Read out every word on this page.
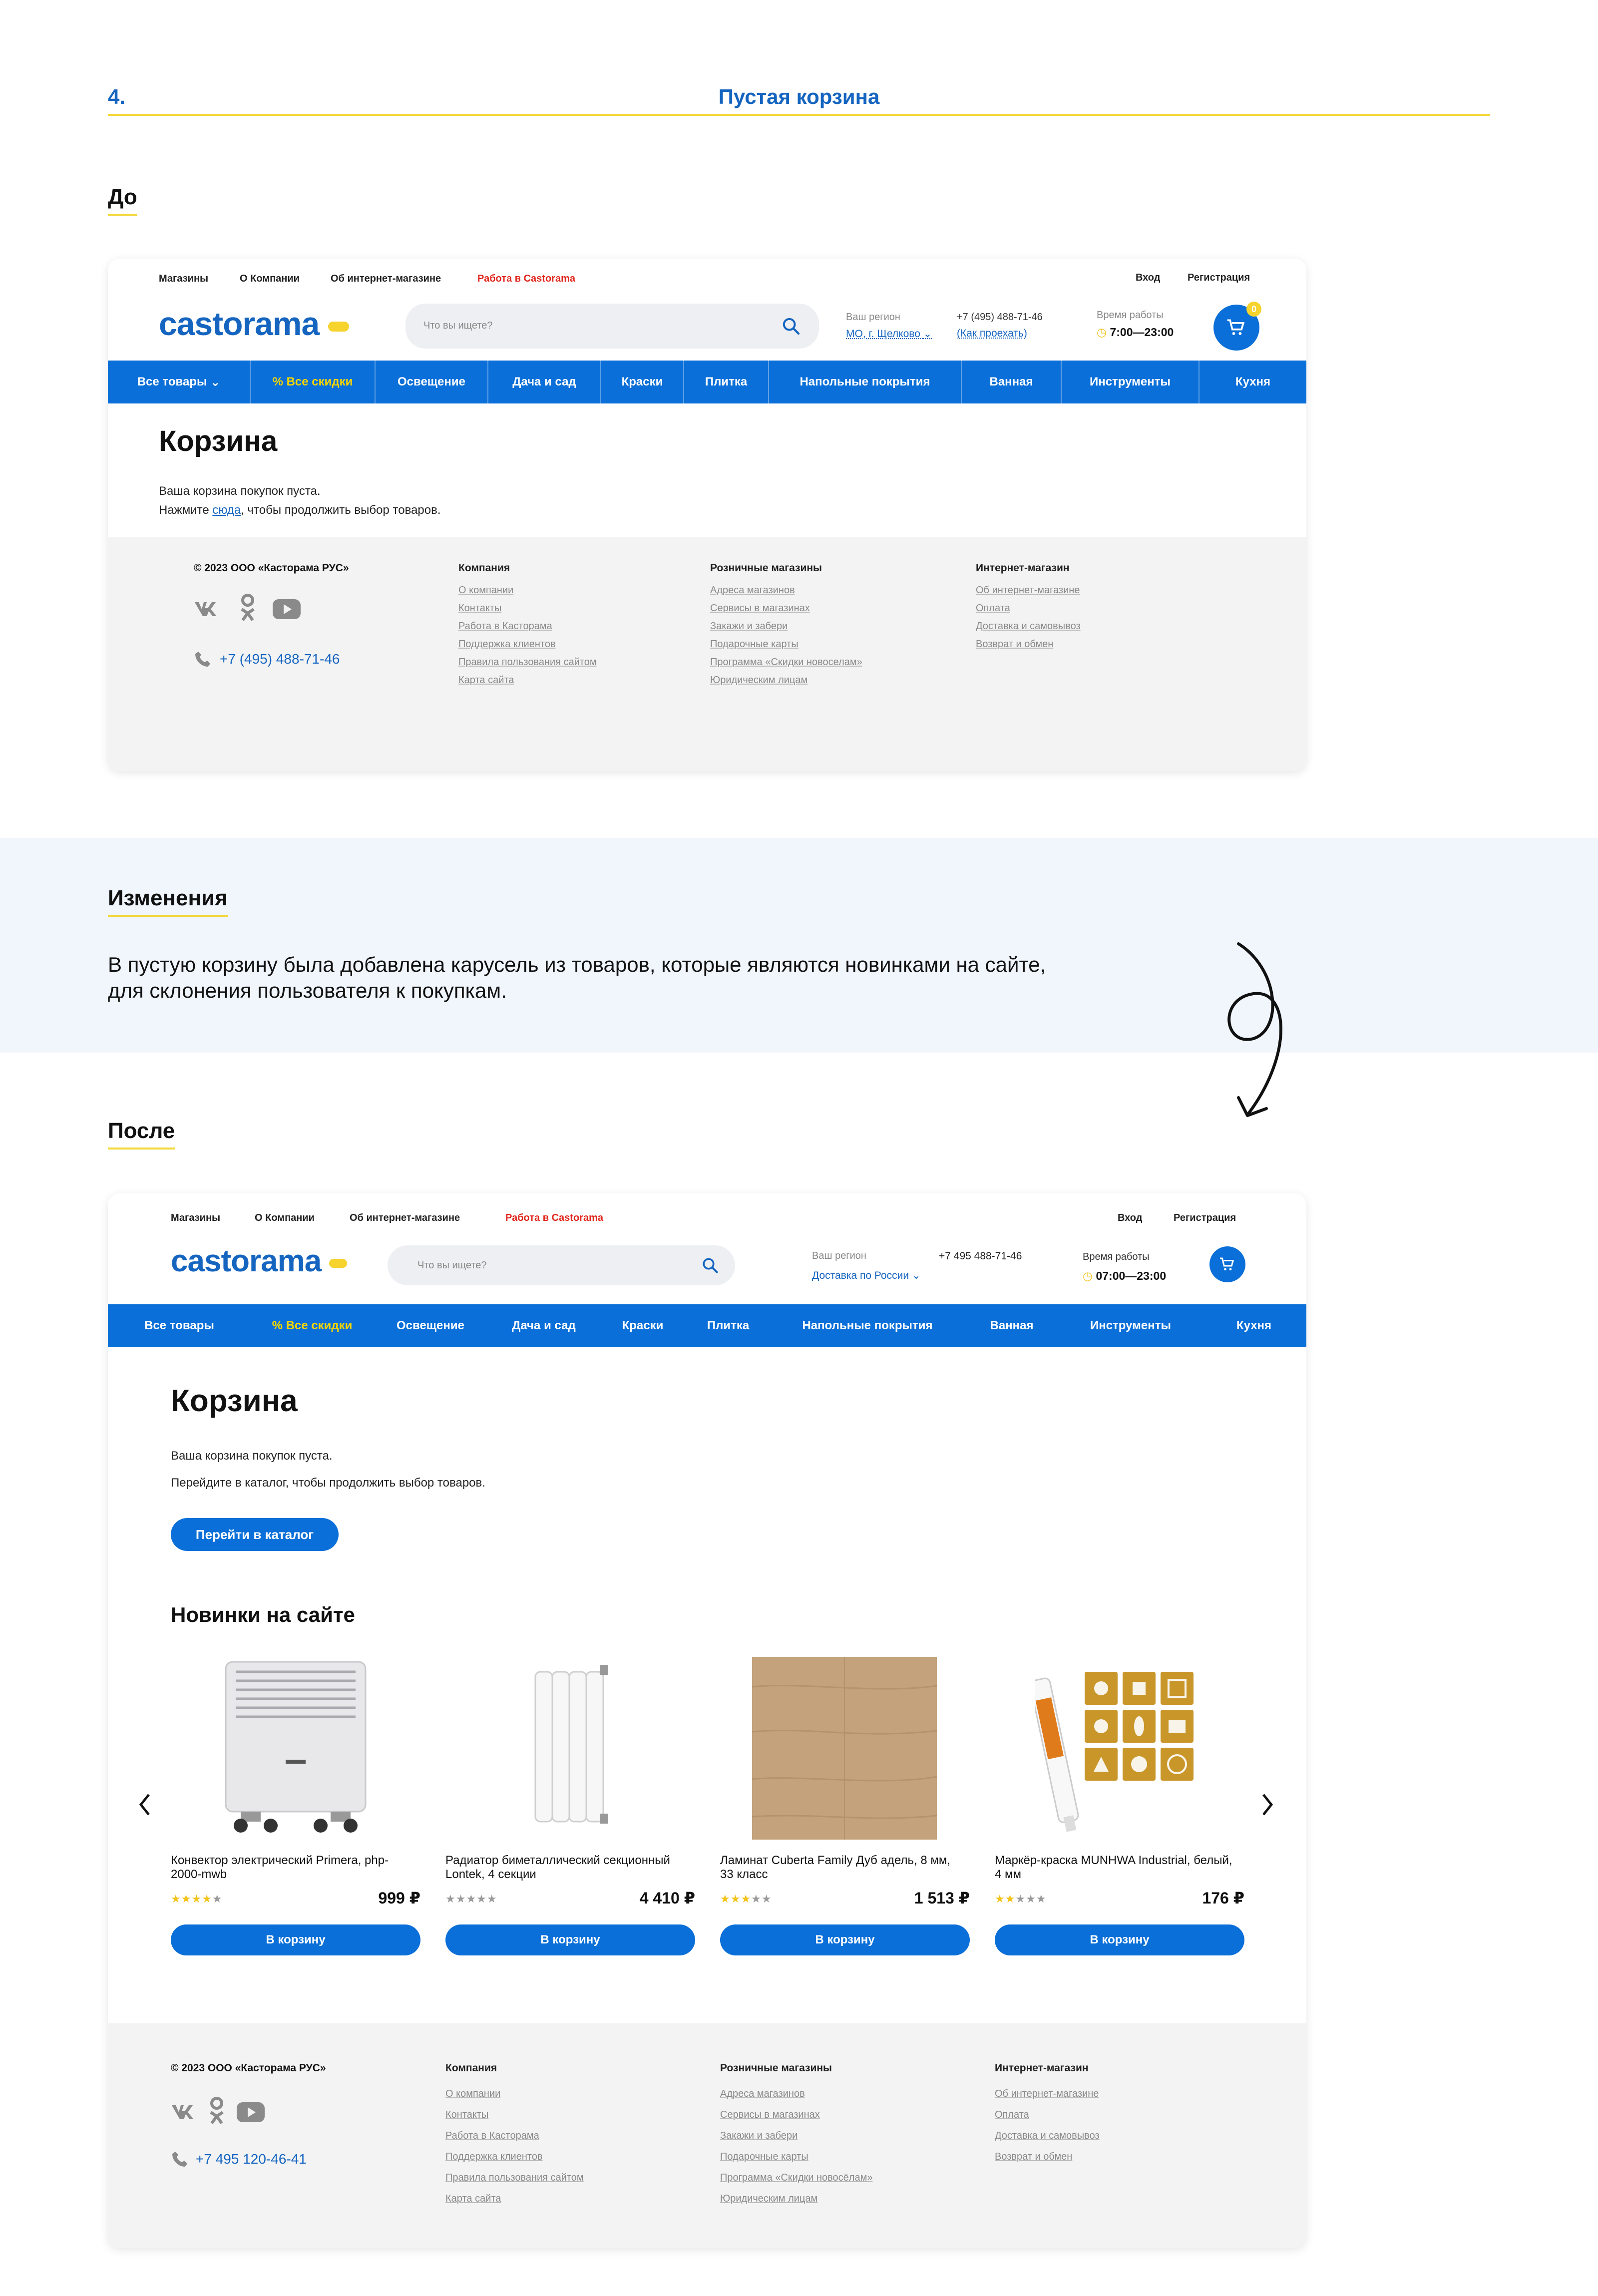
4.	Пустая корзина
До
Магазины	О Компании	Об интернет-магазине	Работа в Castorama	Вход	Регистрация
castorama	Что вы ищете?
Ваш регион
МО, г. Щелково ⌄
+7 (495) 488-71-46
(Как проехать)
Время работы
◷ 7:00—23:00
0
Все товары ⌄	% Все скидки	Освещение	Дача и сад	Краски	Плитка	Напольные покрытия	Ванная	Инструменты	Кухня
Корзина
Ваша корзина покупок пуста.
Нажмите сюда, чтобы продолжить выбор товаров.
© 2023 ООО «Касторама РУС»
+7 (495) 488-71-46
Компания
О компании
Контакты
Работа в Касторама
Поддержка клиентов
Правила пользования сайтом
Карта сайта
Розничные магазины
Адреса магазинов
Сервисы в магазинах
Закажи и забери
Подарочные карты
Программа «Скидки новоселам»
Юридическим лицам
Интернет-магазин
Об интернет-магазине
Оплата
Доставка и самовывоз
Возврат и обмен
Изменения
В пустую корзину была добавлена карусель из товаров, которые являются новинками на сайте,
для склонения пользователя к покупкам.
После
Магазины	О Компании	Об интернет-магазине	Работа в Castorama	Вход	Регистрация
castorama	Что вы ищете?
Ваш регион
Доставка по России ⌄
+7 495 488-71-46	Время работы
◷ 07:00—23:00
Все товары	% Все скидки	Освещение	Дача и сад	Краски	Плитка	Напольные покрытия	Ванная	Инструменты	Кухня
Корзина
Ваша корзина покупок пуста.
Перейдите в каталог, чтобы продолжить выбор товаров.
Перейти в каталог
Новинки на сайте
Конвектор электрический Primera, php-2000-mwb
★★★★★	999 ₽
В корзину
Радиатор биметаллический секционный Lontek, 4 секции
★★★★★	4 410 ₽
В корзину
Ламинат Cuberta Family Дуб адель, 8 мм, 33 класс
★★★★★	1 513 ₽
В корзину
Маркёр-краска MUNHWA Industrial, белый, 4 мм
★★★★★	176 ₽
В корзину
© 2023 ООО «Касторама РУС»
+7 495 120-46-41
Компания
О компании
Контакты
Работа в Касторама
Поддержка клиентов
Правила пользования сайтом
Карта сайта
Розничные магазины
Адреса магазинов
Сервисы в магазинах
Закажи и забери
Подарочные карты
Программа «Скидки новосёлам»
Юридическим лицам
Интернет-магазин
Об интернет-магазине
Оплата
Доставка и самовывоз
Возврат и обмен
